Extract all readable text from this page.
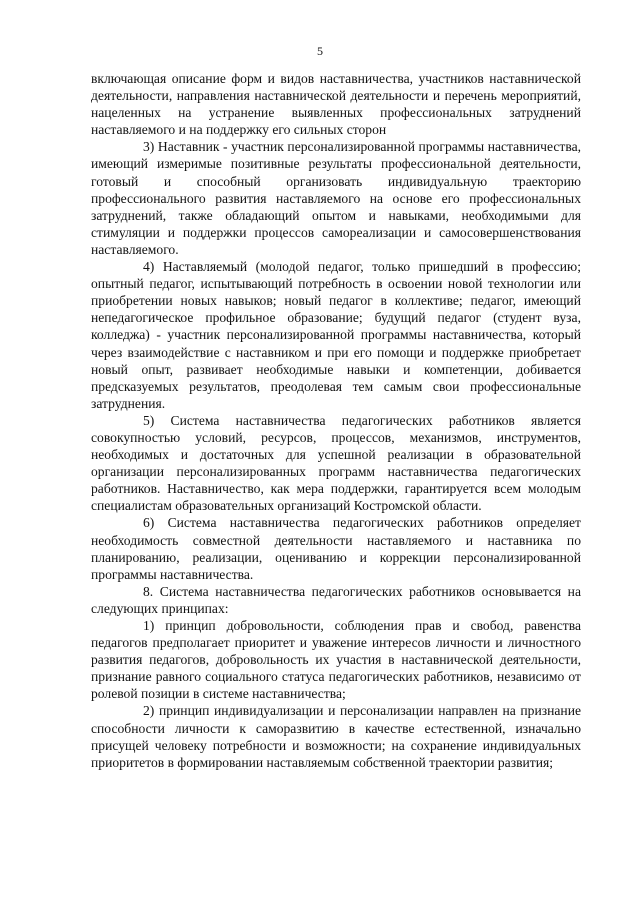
5

включающая описание форм и видов наставничества, участников наставнической деятельности, направления наставнической деятельности и перечень мероприятий, нацеленных на устранение выявленных профессиональных затруднений наставляемого и на поддержку его сильных сторон

3) Наставник - участник персонализированной программы наставничества, имеющий измеримые позитивные результаты профессиональной деятельности, готовый и способный организовать индивидуальную траекторию профессионального развития наставляемого на основе его профессиональных затруднений, также обладающий опытом и навыками, необходимыми для стимуляции и поддержки процессов самореализации и самосовершенствования наставляемого.

4) Наставляемый (молодой педагог, только пришедший в профессию; опытный педагог, испытывающий потребность в освоении новой технологии или приобретении новых навыков; новый педагог в коллективе; педагог, имеющий непедагогическое профильное образование; будущий педагог (студент вуза, колледжа) - участник персонализированной программы наставничества, который через взаимодействие с наставником и при его помощи и поддержке приобретает новый опыт, развивает необходимые навыки и компетенции, добивается предсказуемых результатов, преодолевая тем самым свои профессиональные затруднения.

5) Система наставничества педагогических работников является совокупностью условий, ресурсов, процессов, механизмов, инструментов, необходимых и достаточных для успешной реализации в образовательной организации персонализированных программ наставничества педагогических работников. Наставничество, как мера поддержки, гарантируется всем молодым специалистам образовательных организаций Костромской области.

6) Система наставничества педагогических работников определяет необходимость совместной деятельности наставляемого и наставника по планированию, реализации, оцениванию и коррекции персонализированной программы наставничества.

8. Система наставничества педагогических работников основывается на следующих принципах:

1) принцип добровольности, соблюдения прав и свобод, равенства педагогов предполагает приоритет и уважение интересов личности и личностного развития педагогов, добровольность их участия в наставнической деятельности, признание равного социального статуса педагогических работников, независимо от ролевой позиции в системе наставничества;

2) принцип индивидуализации и персонализации направлен на признание способности личности к саморазвитию в качестве естественной, изначально присущей человеку потребности и возможности; на сохранение индивидуальных приоритетов в формировании наставляемым собственной траектории развития;
